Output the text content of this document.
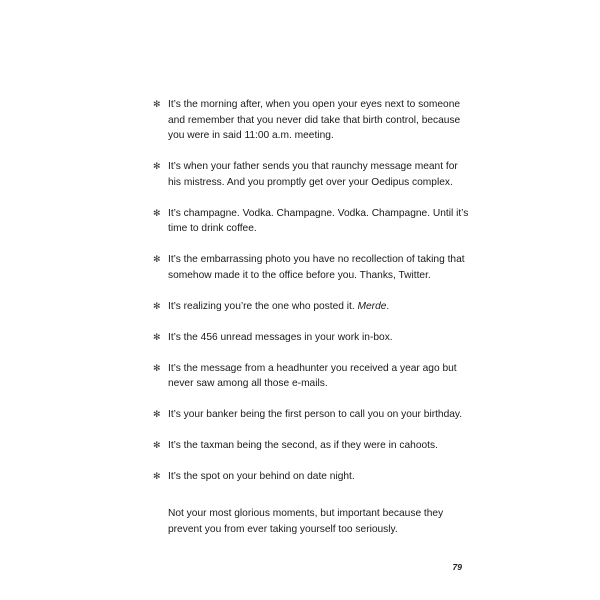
✻ It’s the morning after, when you open your eyes next to someone and remember that you never did take that birth control, because you were in said 11:00 a.m. meeting.
✻ It’s when your father sends you that raunchy message meant for his mistress. And you promptly get over your Oedipus complex.
✻ It’s champagne. Vodka. Champagne. Vodka. Champagne. Until it’s time to drink coffee.
✻ It’s the embarrassing photo you have no recollection of taking that somehow made it to the office before you. Thanks, Twitter.
✻ It’s realizing you’re the one who posted it. Merde.
✻ It’s the 456 unread messages in your work in-box.
✻ It’s the message from a headhunter you received a year ago but never saw among all those e-mails.
✻ It’s your banker being the first person to call you on your birthday.
✻ It’s the taxman being the second, as if they were in cahoots.
✻ It’s the spot on your behind on date night.

Not your most glorious moments, but important because they prevent you from ever taking yourself too seriously.

79
